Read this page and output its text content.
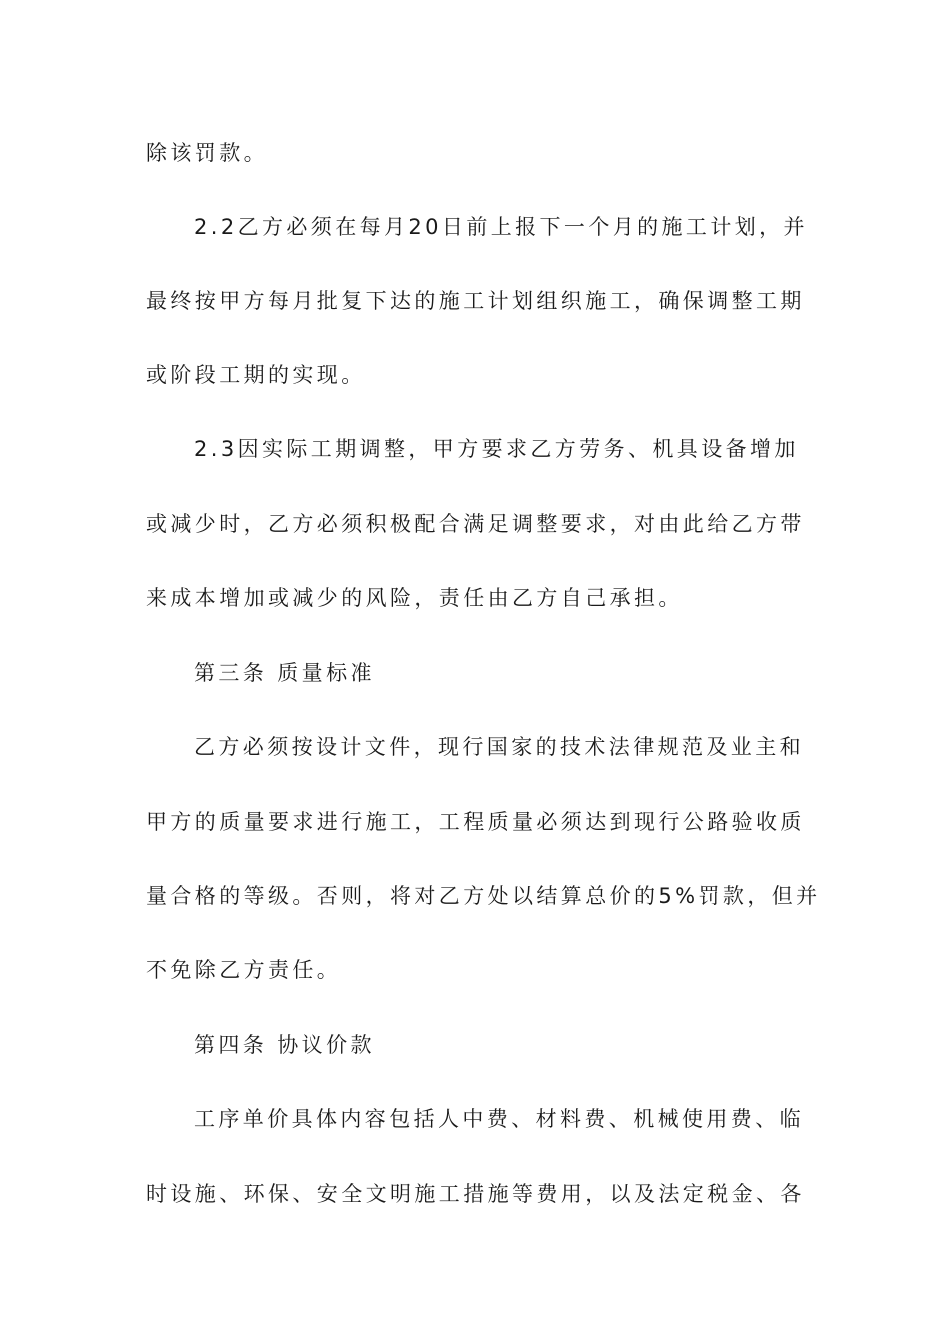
除该罚款。
2.2乙方必须在每月20日前上报下一个月的施工计划，并
最终按甲方每月批复下达的施工计划组织施工，确保调整工期
或阶段工期的实现。
2.3因实际工期调整，甲方要求乙方劳务、机具设备增加
或减少时，乙方必须积极配合满足调整要求，对由此给乙方带
来成本增加或减少的风险，责任由乙方自己承担。
第三条 质量标准
乙方必须按设计文件，现行国家的技术法律规范及业主和
甲方的质量要求进行施工，工程质量必须达到现行公路验收质
量合格的等级。否则，将对乙方处以结算总价的5%罚款，但并
不免除乙方责任。
第四条 协议价款
工序单价具体内容包括人中费、材料费、机械使用费、临
时设施、环保、安全文明施工措施等费用，以及法定税金、各
